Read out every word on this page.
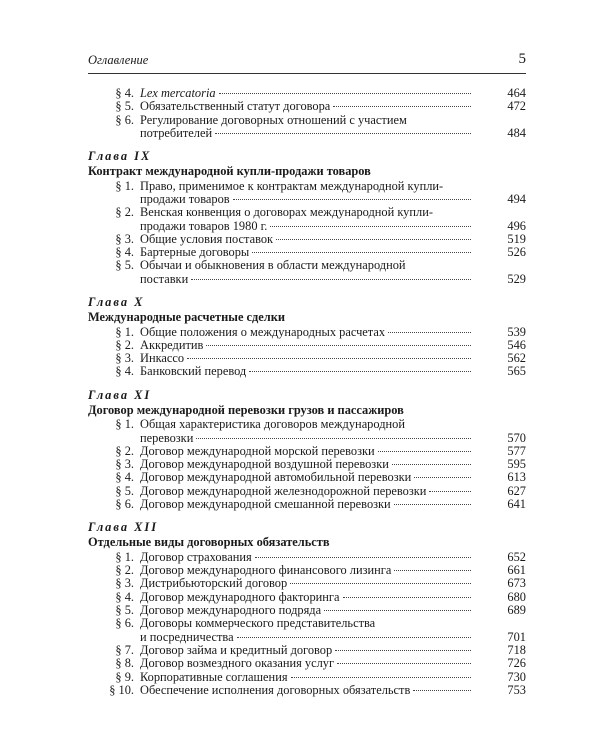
Оглавление	5
§ 4. Lex mercatoria	464
§ 5. Обязательственный статут договора	472
§ 6. Регулирование договорных отношений с участием
потребителей	484
Глава IX
Контракт международной купли-продажи товаров
§ 1. Право, применимое к контрактам международной купли-
продажи товаров	494
§ 2. Венская конвенция о договорах международной купли-
продажи товаров 1980 г.	496
§ 3. Общие условия поставок	519
§ 4. Бартерные договоры	526
§ 5. Обычаи и обыкновения в области международной
поставки	529
Глава X
Международные расчетные сделки
§ 1. Общие положения о международных расчетах	539
§ 2. Аккредитив	546
§ 3. Инкассо	562
§ 4. Банковский перевод	565
Глава XI
Договор международной перевозки грузов и пассажиров
§ 1. Общая характеристика договоров международной
перевозки	570
§ 2. Договор международной морской перевозки	577
§ 3. Договор международной воздушной перевозки	595
§ 4. Договор международной автомобильной перевозки	613
§ 5. Договор международной железнодорожной перевозки	627
§ 6. Договор международной смешанной перевозки	641
Глава XII
Отдельные виды договорных обязательств
§ 1. Договор страхования	652
§ 2. Договор международного финансового лизинга	661
§ 3. Дистрибьюторский договор	673
§ 4. Договор международного факторинга	680
§ 5. Договор международного подряда	689
§ 6. Договоры коммерческого представительства
и посредничества	701
§ 7. Договор займа и кредитный договор	718
§ 8. Договор возмездного оказания услуг	726
§ 9. Корпоративные соглашения	730
§ 10. Обеспечение исполнения договорных обязательств	753
